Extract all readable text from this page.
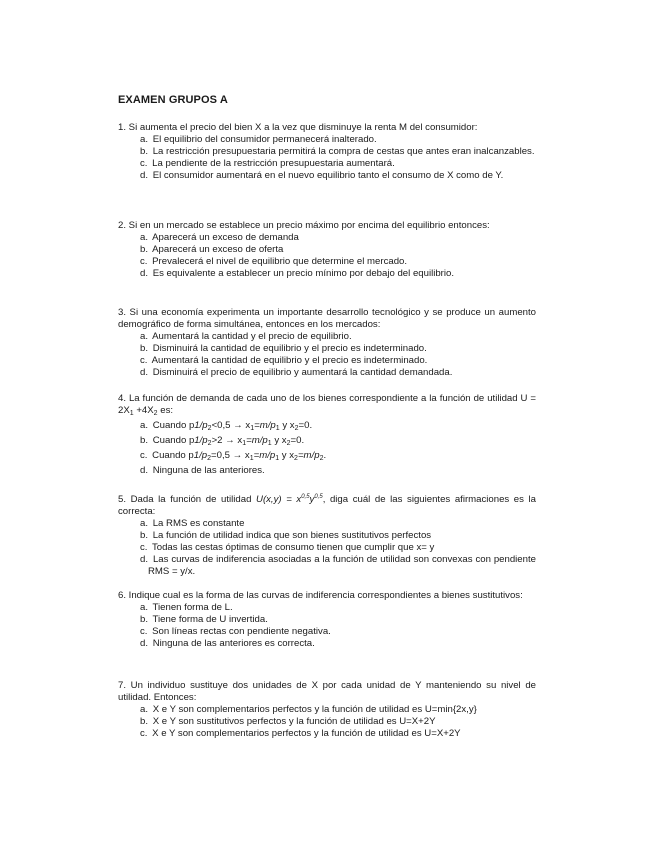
EXAMEN GRUPOS A

1. Si aumenta el precio del bien X a la vez que disminuye la renta M del consumidor:

a. El equilibrio del consumidor permanecerá inalterado.
b. La restricción presupuestaria permitirá la compra de cestas que antes eran inalcanzables.
c. La pendiente de la restricción presupuestaria aumentará.
d. El consumidor aumentará en el nuevo equilibrio tanto el consumo de X como de Y.

2. Si en un mercado se establece un precio máximo por encima del equilibrio entonces:

a. Aparecerá un exceso de demanda
b. Aparecerá un exceso de oferta
c. Prevalecerá el nivel de equilibrio que determine el mercado.
d. Es equivalente a establecer un precio mínimo por debajo del equilibrio.

3. Si una economía experimenta un importante desarrollo tecnológico y se produce un aumento demográfico de forma simultánea, entonces en los mercados:

a. Aumentará la cantidad y el precio de equilibrio.
b. Disminuirá la cantidad de equilibrio y el precio es indeterminado.
c. Aumentará la cantidad de equilibrio y el precio es indeterminado.
d. Disminuirá el precio de equilibrio y aumentará la cantidad demandada.

4. La función de demanda de cada uno de los bienes correspondiente a la función de utilidad $U = 2X_1 +4X_2$ es:

a. Cuando $p1/p_2<0,5 \to x_1=m/p_1$ y $x_2=0$.
b. Cuando $p1/p_2>2 \to x_1=m/p_1$ y $x_2=0$.
c. Cuando $p1/p_2=0,5 \to x_1=m/p_1$ y $x_2=m/p_2$.
d. Ninguna de las anteriores.

5. Dada la función de utilidad $U(x,y) = x^{0,5}y^{0,5}$, diga cuál de las siguientes afirmaciones es la correcta:

a. La RMS es constante
b. La función de utilidad indica que son bienes sustitutivos perfectos
c. Todas las cestas óptimas de consumo tienen que cumplir que x= y
d. Las curvas de indiferencia asociadas a la función de utilidad son convexas con pendiente RMS = y/x.

6. Indique cual es la forma de las curvas de indiferencia correspondientes a bienes sustitutivos:

a. Tienen forma de L.
b. Tiene forma de U invertida.
c. Son líneas rectas con pendiente negativa.
d. Ninguna de las anteriores es correcta.

7. Un individuo sustituye dos unidades de X por cada unidad de Y manteniendo su nivel de utilidad. Entonces:

a. X e Y son complementarios perfectos y la función de utilidad es U=min{2x,y}
b. X e Y son sustitutivos perfectos y la función de utilidad es U=X+2Y
c. X e Y son complementarios perfectos y la función de utilidad es U=X+2Y
